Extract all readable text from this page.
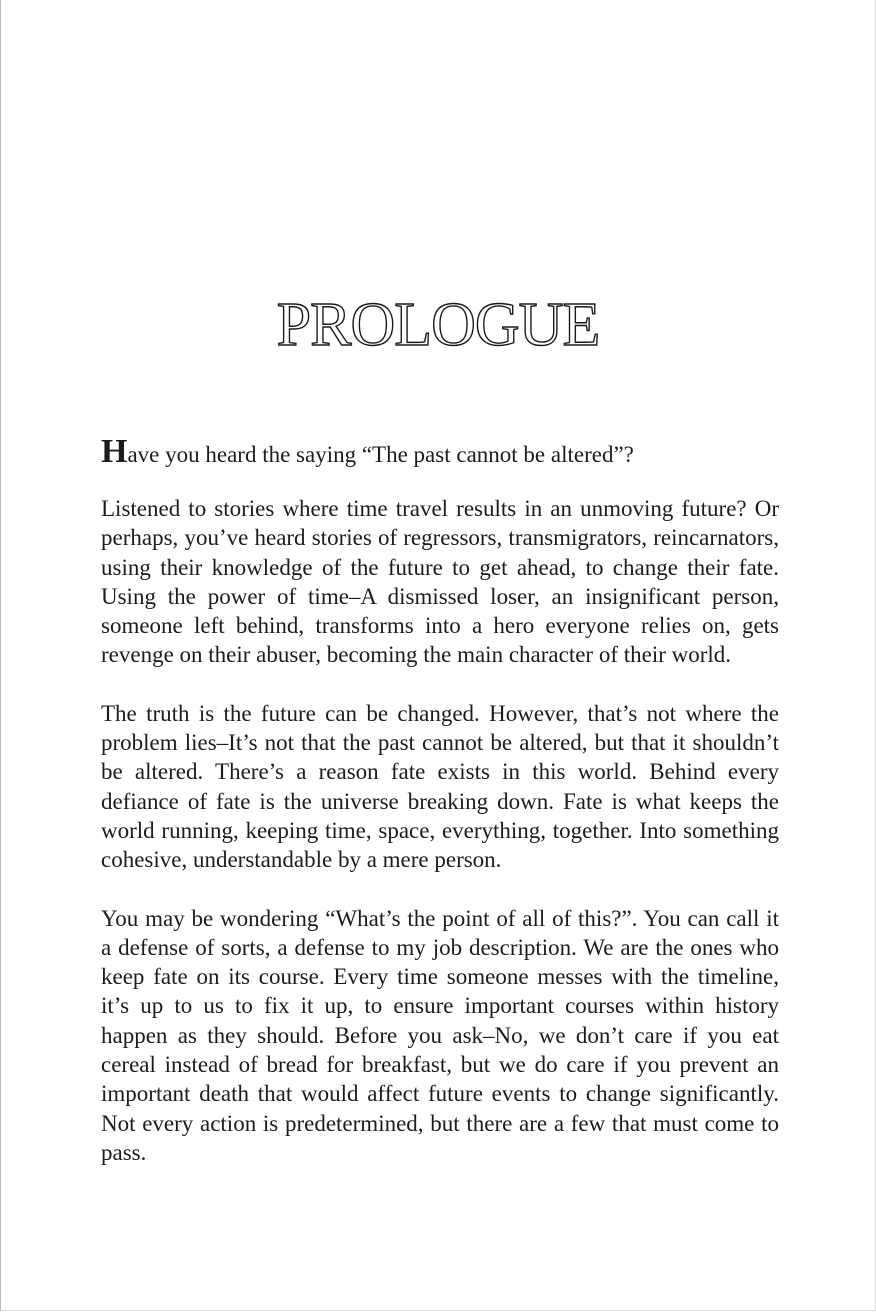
PROLOGUE

Have you heard the saying “The past cannot be altered”?

Listened to stories where time travel results in an unmoving future? Or perhaps, you’ve heard stories of regressors, transmigrators, reincarnators, using their knowledge of the future to get ahead, to change their fate. Using the power of time–A dismissed loser, an insignificant person, someone left behind, transforms into a hero everyone relies on, gets revenge on their abuser, becoming the main character of their world.

The truth is the future can be changed. However, that’s not where the problem lies–It’s not that the past cannot be altered, but that it shouldn’t be altered. There’s a reason fate exists in this world. Behind every defiance of fate is the universe breaking down. Fate is what keeps the world running, keeping time, space, everything, together. Into something cohesive, understandable by a mere person.

You may be wondering “What’s the point of all of this?”. You can call it a defense of sorts, a defense to my job description. We are the ones who keep fate on its course. Every time someone messes with the timeline, it’s up to us to fix it up, to ensure important courses within history happen as they should. Before you ask–No, we don’t care if you eat cereal instead of bread for breakfast, but we do care if you prevent an important death that would affect future events to change significantly. Not every action is predetermined, but there are a few that must come to pass.
